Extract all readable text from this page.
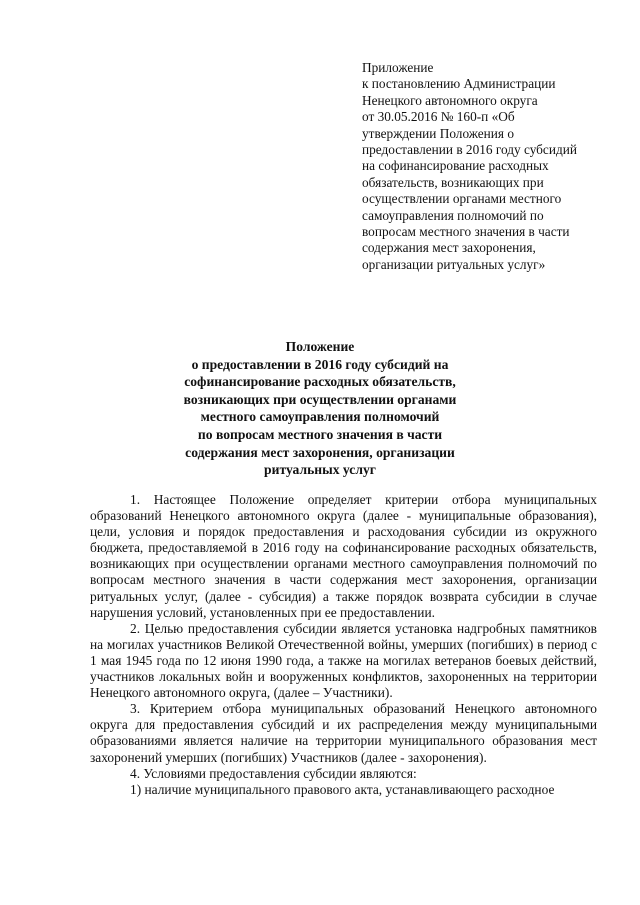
Приложение
к постановлению Администрации
Ненецкого автономного округа
от 30.05.2016 № 160-п «Об
утверждении Положения о
предоставлении в 2016 году субсидий
на софинансирование расходных
обязательств, возникающих при
осуществлении органами местного
самоуправления полномочий по
вопросам местного значения в части
содержания мест захоронения,
организации ритуальных услуг»
Положение
о предоставлении в 2016 году субсидий на
софинансирование расходных обязательств,
возникающих при осуществлении органами
местного самоуправления полномочий
по вопросам местного значения в части
содержания мест захоронения, организации
ритуальных услуг

1. Настоящее Положение определяет критерии отбора муниципальных образований Ненецкого автономного округа (далее - муниципальные образования), цели, условия и порядок предоставления и расходования субсидии из окружного бюджета, предоставляемой в 2016 году на софинансирование расходных обязательств, возникающих при осуществлении органами местного самоуправления полномочий по вопросам местного значения в части содержания мест захоронения, организации ритуальных услуг, (далее - субсидия) а также порядок возврата субсидии в случае нарушения условий, установленных при ее предоставлении.

2. Целью предоставления субсидии является установка надгробных памятников на могилах участников Великой Отечественной войны, умерших (погибших) в период с 1 мая 1945 года по 12 июня 1990 года, а также на могилах ветеранов боевых действий, участников локальных войн и вооруженных конфликтов, захороненных на территории Ненецкого автономного округа, (далее – Участники).

3. Критерием отбора муниципальных образований Ненецкого автономного округа для предоставления субсидий и их распределения между муниципальными образованиями является наличие на территории муниципального образования мест захоронений умерших (погибших) Участников (далее - захоронения).

4. Условиями предоставления субсидии являются:

1) наличие муниципального правового акта, устанавливающего расходное
